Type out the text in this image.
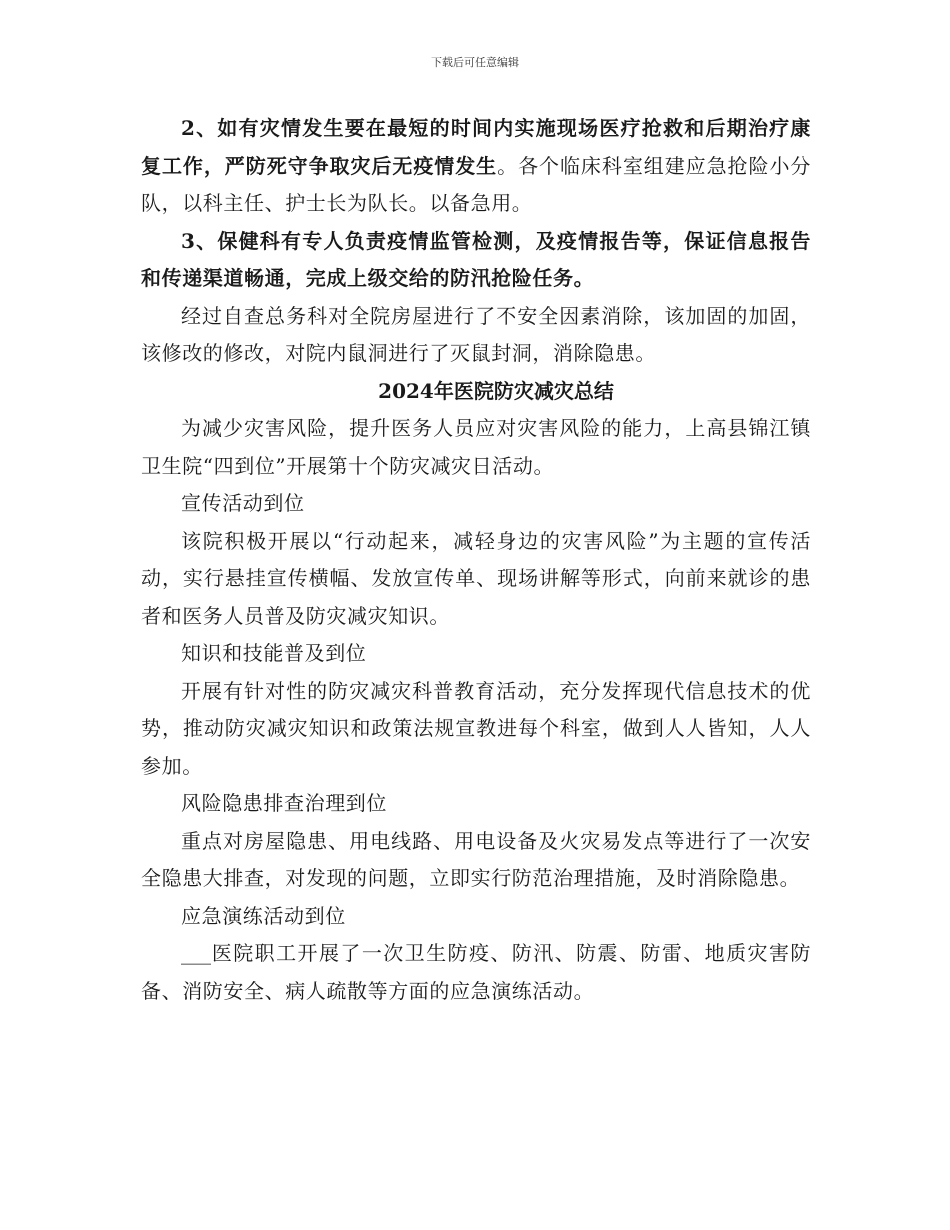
下载后可任意编辑

2、如有灾情发生要在最短的时间内实施现场医疗抢救和后期治疗康复工作，严防死守争取灾后无疫情发生。各个临床科室组建应急抢险小分队，以科主任、护士长为队长。以备急用。

3、保健科有专人负责疫情监管检测，及疫情报告等，保证信息报告和传递渠道畅通，完成上级交给的防汛抢险任务。

经过自查总务科对全院房屋进行了不安全因素消除，该加固的加固，该修改的修改，对院内鼠洞进行了灭鼠封洞，消除隐患。

2024年医院防灾减灾总结

为减少灾害风险，提升医务人员应对灾害风险的能力，上高县锦江镇卫生院“四到位”开展第十个防灾减灾日活动。

宣传活动到位

该院积极开展以“行动起来，减轻身边的灾害风险”为主题的宣传活动，实行悬挂宣传横幅、发放宣传单、现场讲解等形式，向前来就诊的患者和医务人员普及防灾减灾知识。

知识和技能普及到位

开展有针对性的防灾减灾科普教育活动，充分发挥现代信息技术的优势，推动防灾减灾知识和政策法规宣教进每个科室，做到人人皆知，人人参加。

风险隐患排查治理到位

重点对房屋隐患、用电线路、用电设备及火灾易发点等进行了一次安全隐患大排查，对发现的问题，立即实行防范治理措施，及时消除隐患。

应急演练活动到位

___医院职工开展了一次卫生防疫、防汛、防震、防雷、地质灾害防备、消防安全、病人疏散等方面的应急演练活动。
